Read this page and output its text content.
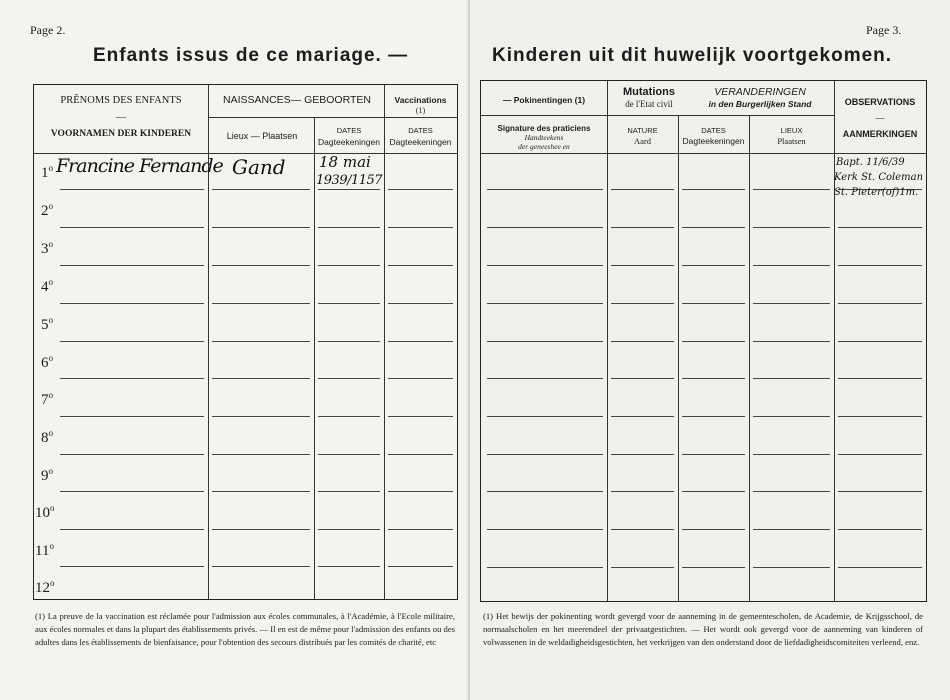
Page 2.
Enfants issus de ce mariage. —
PRÊNOMS DES ENFANTS
—
VOORNAMEN DER KINDEREN
NAISSANCES— GEBOORTEN
Lieux — Plaatsen
DATES
Dagteekeningen
Vaccinations
(1)
DATES
Dagteekeningen
1$^o$
2$^o$
3$^o$
4$^o$
5$^o$
6$^o$
7$^o$
8$^o$
9$^o$
10$^o$
11$^o$
12$^o$
Francine Fernande Gand 18 mai
1939/1157
(1) La preuve de la vaccination est réclamée pour l'admission aux écoles communales, à l'Académie, à l'Ecole militaire, aux écoles normales et dans la plupart des établissements privés. — Il en est de même pour l'admission des enfants ou des adultes dans les établissements de bienfaisance, pour l'obtention des secours distribués par les comités de charité, etc
Page 3.
Kinderen uit dit huwelijk voortgekomen.
— Pokinentingen (1)
Signature des praticiens
Handteekens
der geneeshee en
Mutations
de l'Etat civil
VERANDERINGEN
in den Burgerlijken Stand
NATURE
Aard
DATES
Dagteekeningen
LIEUX
Plaatsen
OBSERVATIONS
—
AANMERKINGEN
Bapt. 11/6/39
Kerk St. Coleman
St. Pieter(of)1m.
(1) Het bewijs der pokinenting wordt gevergd voor de aanneming in de gemeentescholen, de Academie, de Krijgsschool, de normaalscholen en het meerendeel der privaatgestichten. — Het wordt ook gevergd voor de aanneming van kinderen of volwassenen in de weldadigheidsgestichten, het verkrijgen van den onderstand door de liefdadigheidscomiteiten verleend, enz.
